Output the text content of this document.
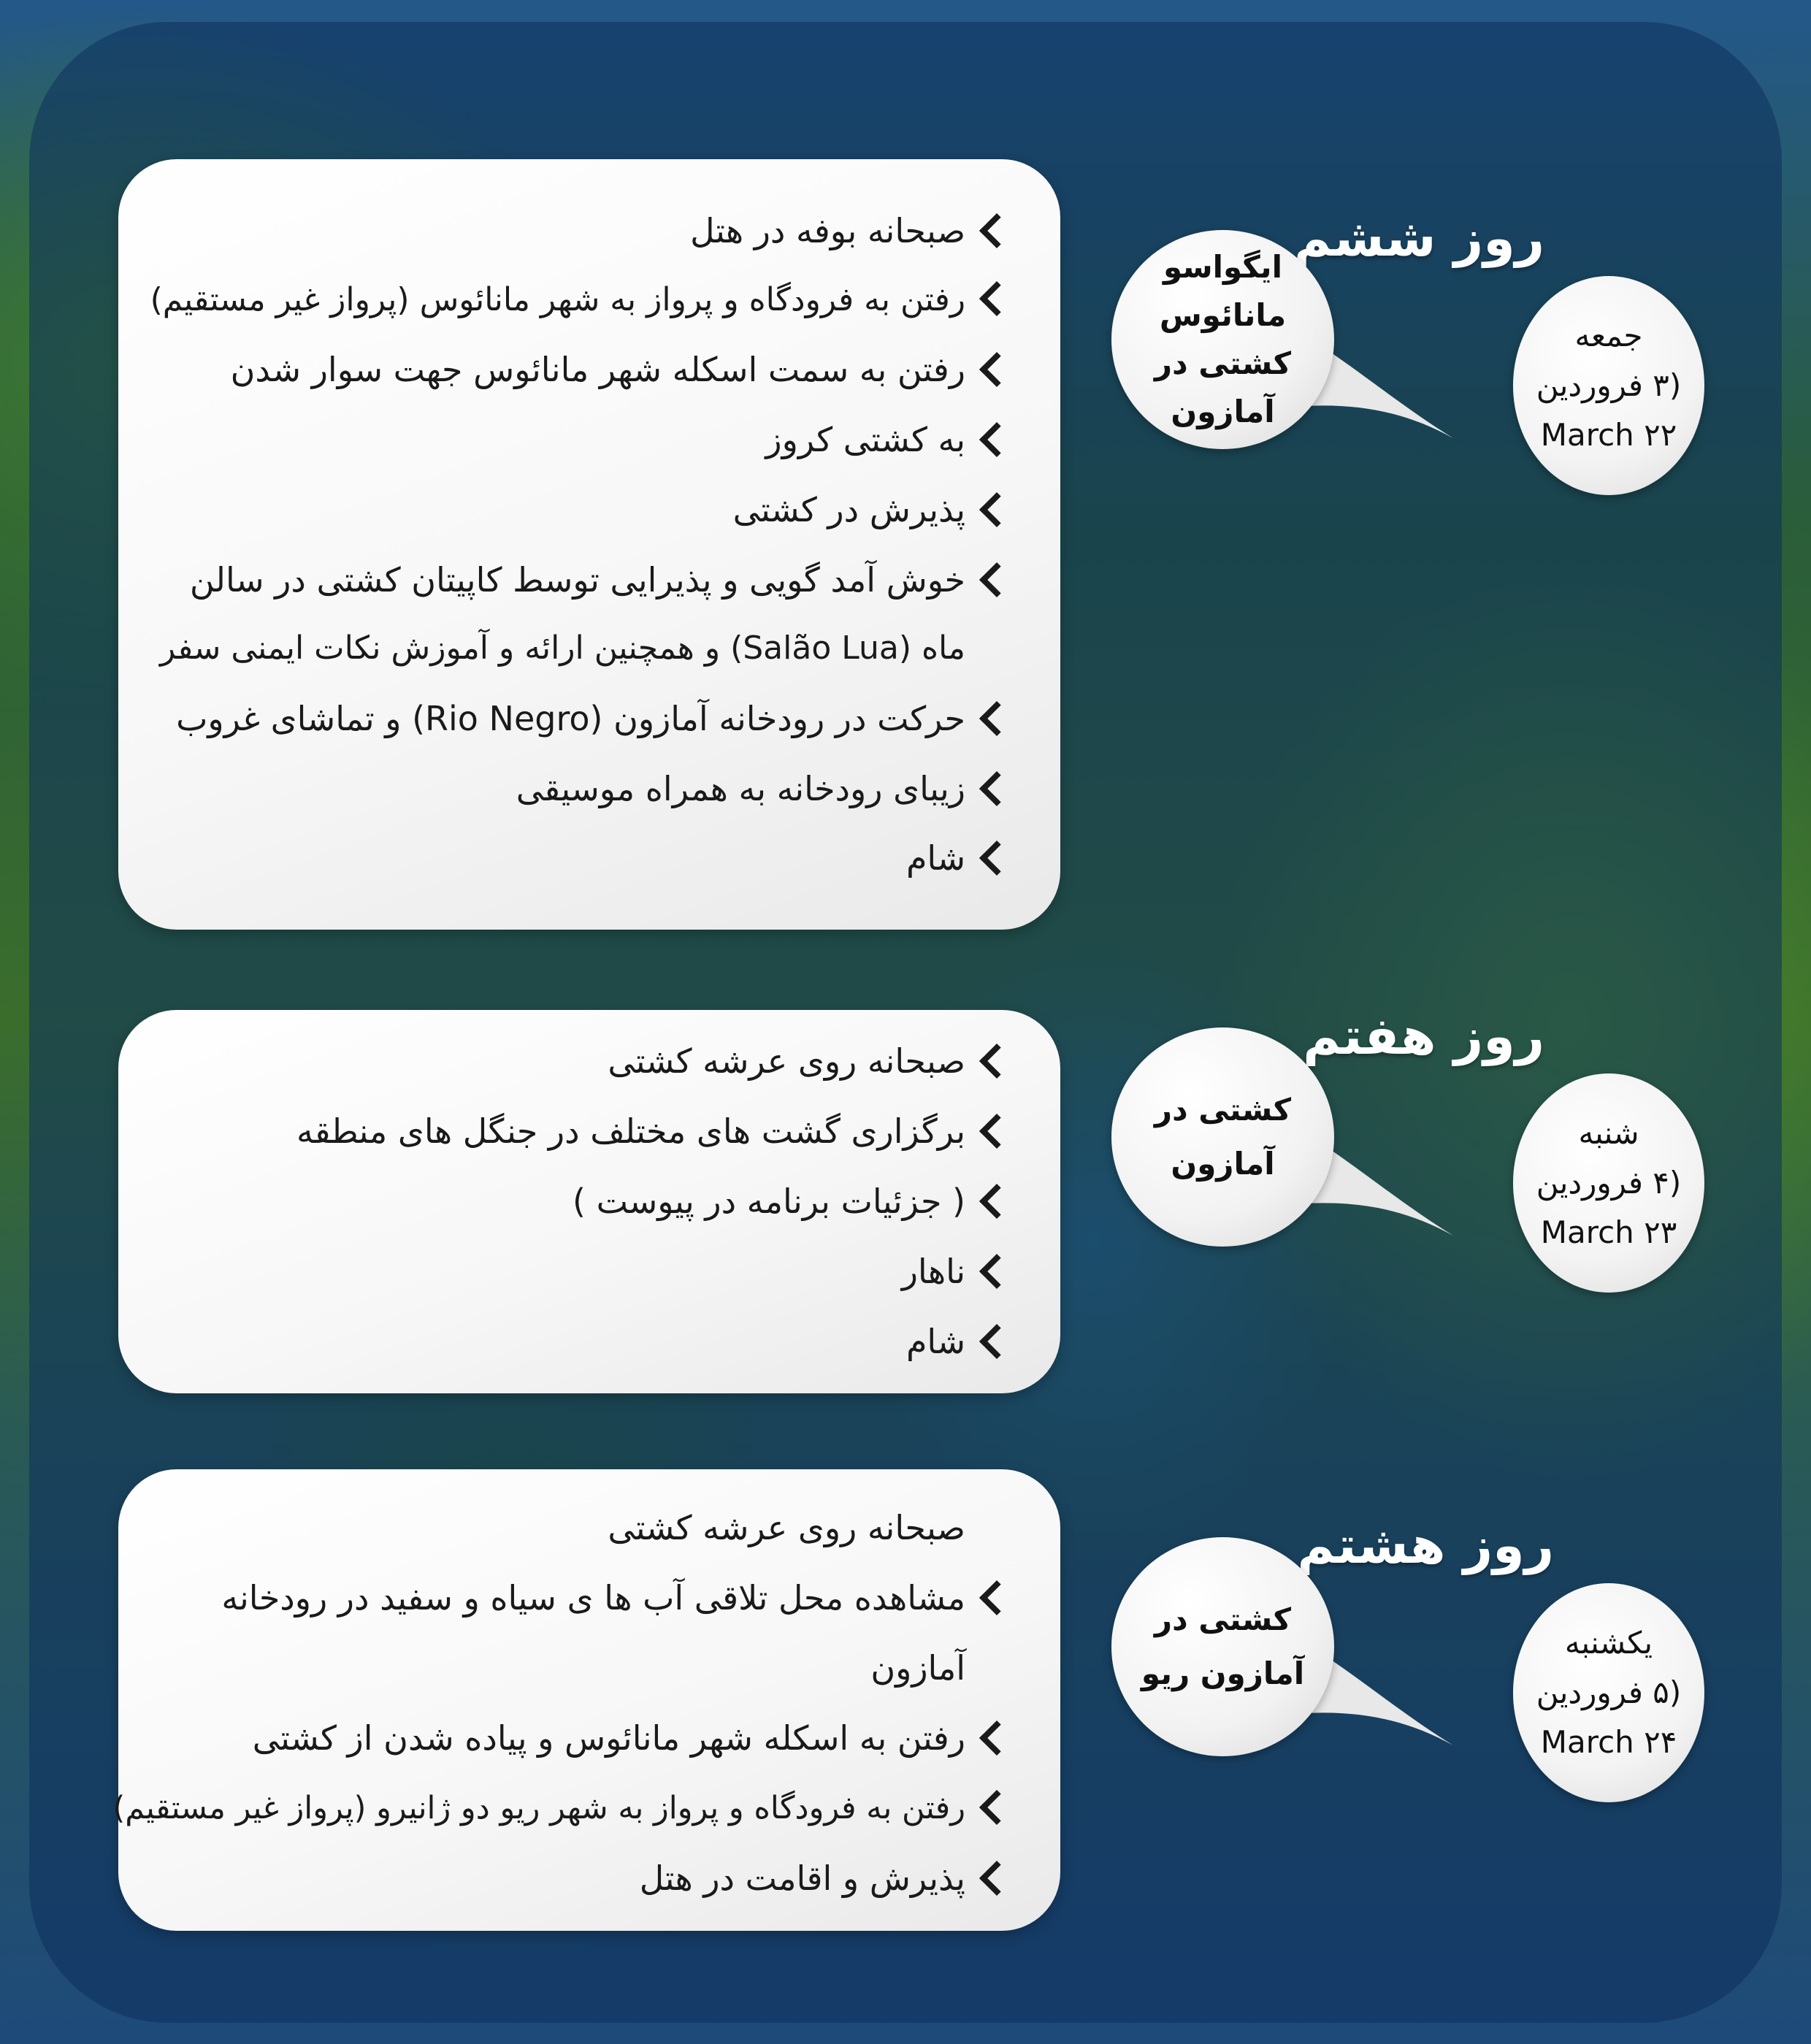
صبحانه بوفه در هتل
رفتن به فرودگاه و پرواز به شهر مانائوس (پرواز غیر مستقیم)
رفتن به سمت اسکله شهر مانائوس جهت سوار شدن
به کشتی کروز
پذیرش در کشتی
خوش آمد گویی و پذیرایی توسط کاپیتان کشتی در سالن
ماه (Salão Lua) و همچنین ارائه و آموزش نکات ایمنی سفر
حرکت در رودخانه آمازون (Rio Negro) و تماشای غروب
زیبای رودخانه به همراه موسیقی
شام
صبحانه روی عرشه کشتی
برگزاری گشت های مختلف در جنگل های منطقه
( جزئیات برنامه در پیوست )
ناهار
شام
صبحانه روی عرشه کشتی
مشاهده محل تلاقی آب ها ی سیاه و سفید در رودخانه
آمازون
رفتن به اسکله شهر مانائوس و پیاده شدن از کشتی
رفتن به فرودگاه و پرواز به شهر ریو دو ژانیرو (پرواز غیر مستقیم)
پذیرش و اقامت در هتل
روز ششم
ایگواسو مانائوس کشتی در آمازون
جمعه
(۳ فروردین
March ۲۲
روز هفتم
کشتی در آمازون
شنبه
(۴ فروردین
March ۲۳
روز هشتم
کشتی در آمازون ریو
یکشنبه
(۵ فروردین
March ۲۴
